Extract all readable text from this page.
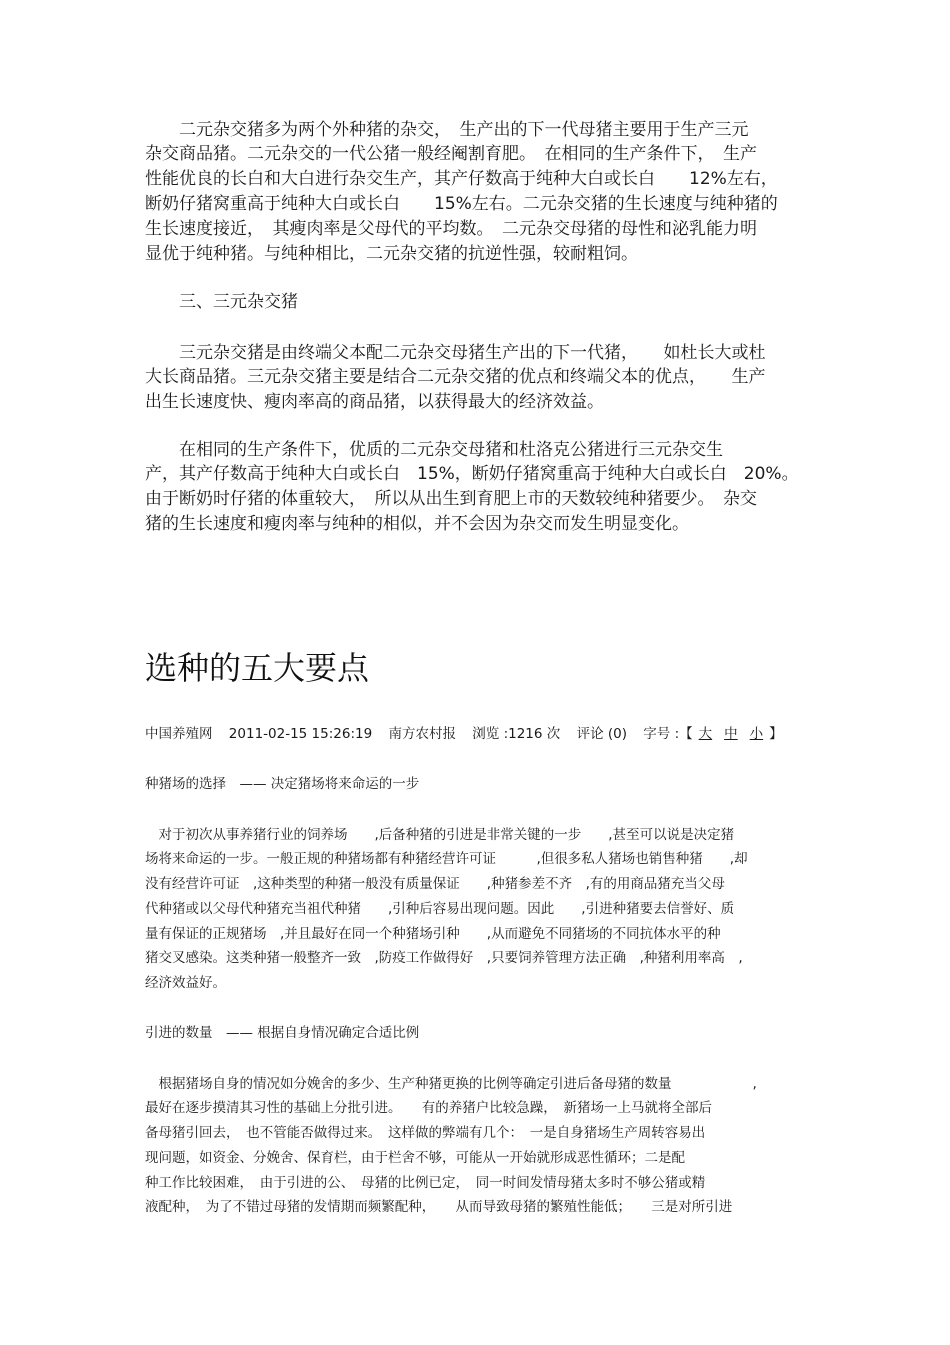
　　二元杂交猪多为两个外种猪的杂交，　生产出的下一代母猪主要用于生产三元
杂交商品猪。二元杂交的一代公猪一般经阉割育肥。　在相同的生产条件下，　生产
性能优良的长白和大白进行杂交生产，其产仔数高于纯种大白或长白　　12%左右，
断奶仔猪窝重高于纯种大白或长白　　15%左右。二元杂交猪的生长速度与纯种猪的
生长速度接近，　其瘦肉率是父母代的平均数。　二元杂交母猪的母性和泌乳能力明
显优于纯种猪。与纯种相比，二元杂交猪的抗逆性强，较耐粗饲。
　　三、三元杂交猪
　　三元杂交猪是由终端父本配二元杂交母猪生产出的下一代猪，　　如杜长大或杜
大长商品猪。三元杂交猪主要是结合二元杂交猪的优点和终端父本的优点，　　生产
出生长速度快、瘦肉率高的商品猪，以获得最大的经济效益。
　　在相同的生产条件下，优质的二元杂交母猪和杜洛克公猪进行三元杂交生
产，其产仔数高于纯种大白或长白　15%，断奶仔猪窝重高于纯种大白或长白　20%。
由于断奶时仔猪的体重较大，　所以从出生到育肥上市的天数较纯种猪要少。　杂交
猪的生长速度和瘦肉率与纯种的相似，并不会因为杂交而发生明显变化。
选种的五大要点
中国养殖网 2011-02-15 15:26:19 南方农村报 浏览 :1216 次 评论 (0) 字号 :【 大 中 小 】
种猪场的选择　—— 决定猪场将来命运的一步
　对于初次从事养猪行业的饲养场　　,后备种猪的引进是非常关键的一步　　,甚至可以说是决定猪
场将来命运的一步。一般正规的种猪场都有种猪经营许可证　　　,但很多私人猪场也销售种猪　　,却
没有经营许可证　,这种类型的种猪一般没有质量保证　　,种猪参差不齐　,有的用商品猪充当父母
代种猪或以父母代种猪充当祖代种猪　　,引种后容易出现问题。因此　　,引进种猪要去信誉好、质
量有保证的正规猪场　,并且最好在同一个种猪场引种　　,从而避免不同猪场的不同抗体水平的种
猪交叉感染。这类种猪一般整齐一致　,防疫工作做得好　,只要饲养管理方法正确　,种猪利用率高　,
经济效益好。
引进的数量　—— 根据自身情况确定合适比例
　根据猪场自身的情况如分娩舍的多少、生产种猪更换的比例等确定引进后备母猪的数量　　　　　　,
最好在逐步摸清其习性的基础上分批引进。　　有的养猪户比较急躁，　新猪场一上马就将全部后
备母猪引回去，　也不管能否做得过来。　这样做的弊端有几个：　一是自身猪场生产周转容易出
现问题，如资金、分娩舍、保育栏，由于栏舍不够，可能从一开始就形成恶性循环；二是配
种工作比较困难，　由于引进的公、　母猪的比例已定，　同一时间发情母猪太多时不够公猪或精
液配种，　为了不错过母猪的发情期而频繁配种，　　从而导致母猪的繁殖性能低；　　三是对所引进
